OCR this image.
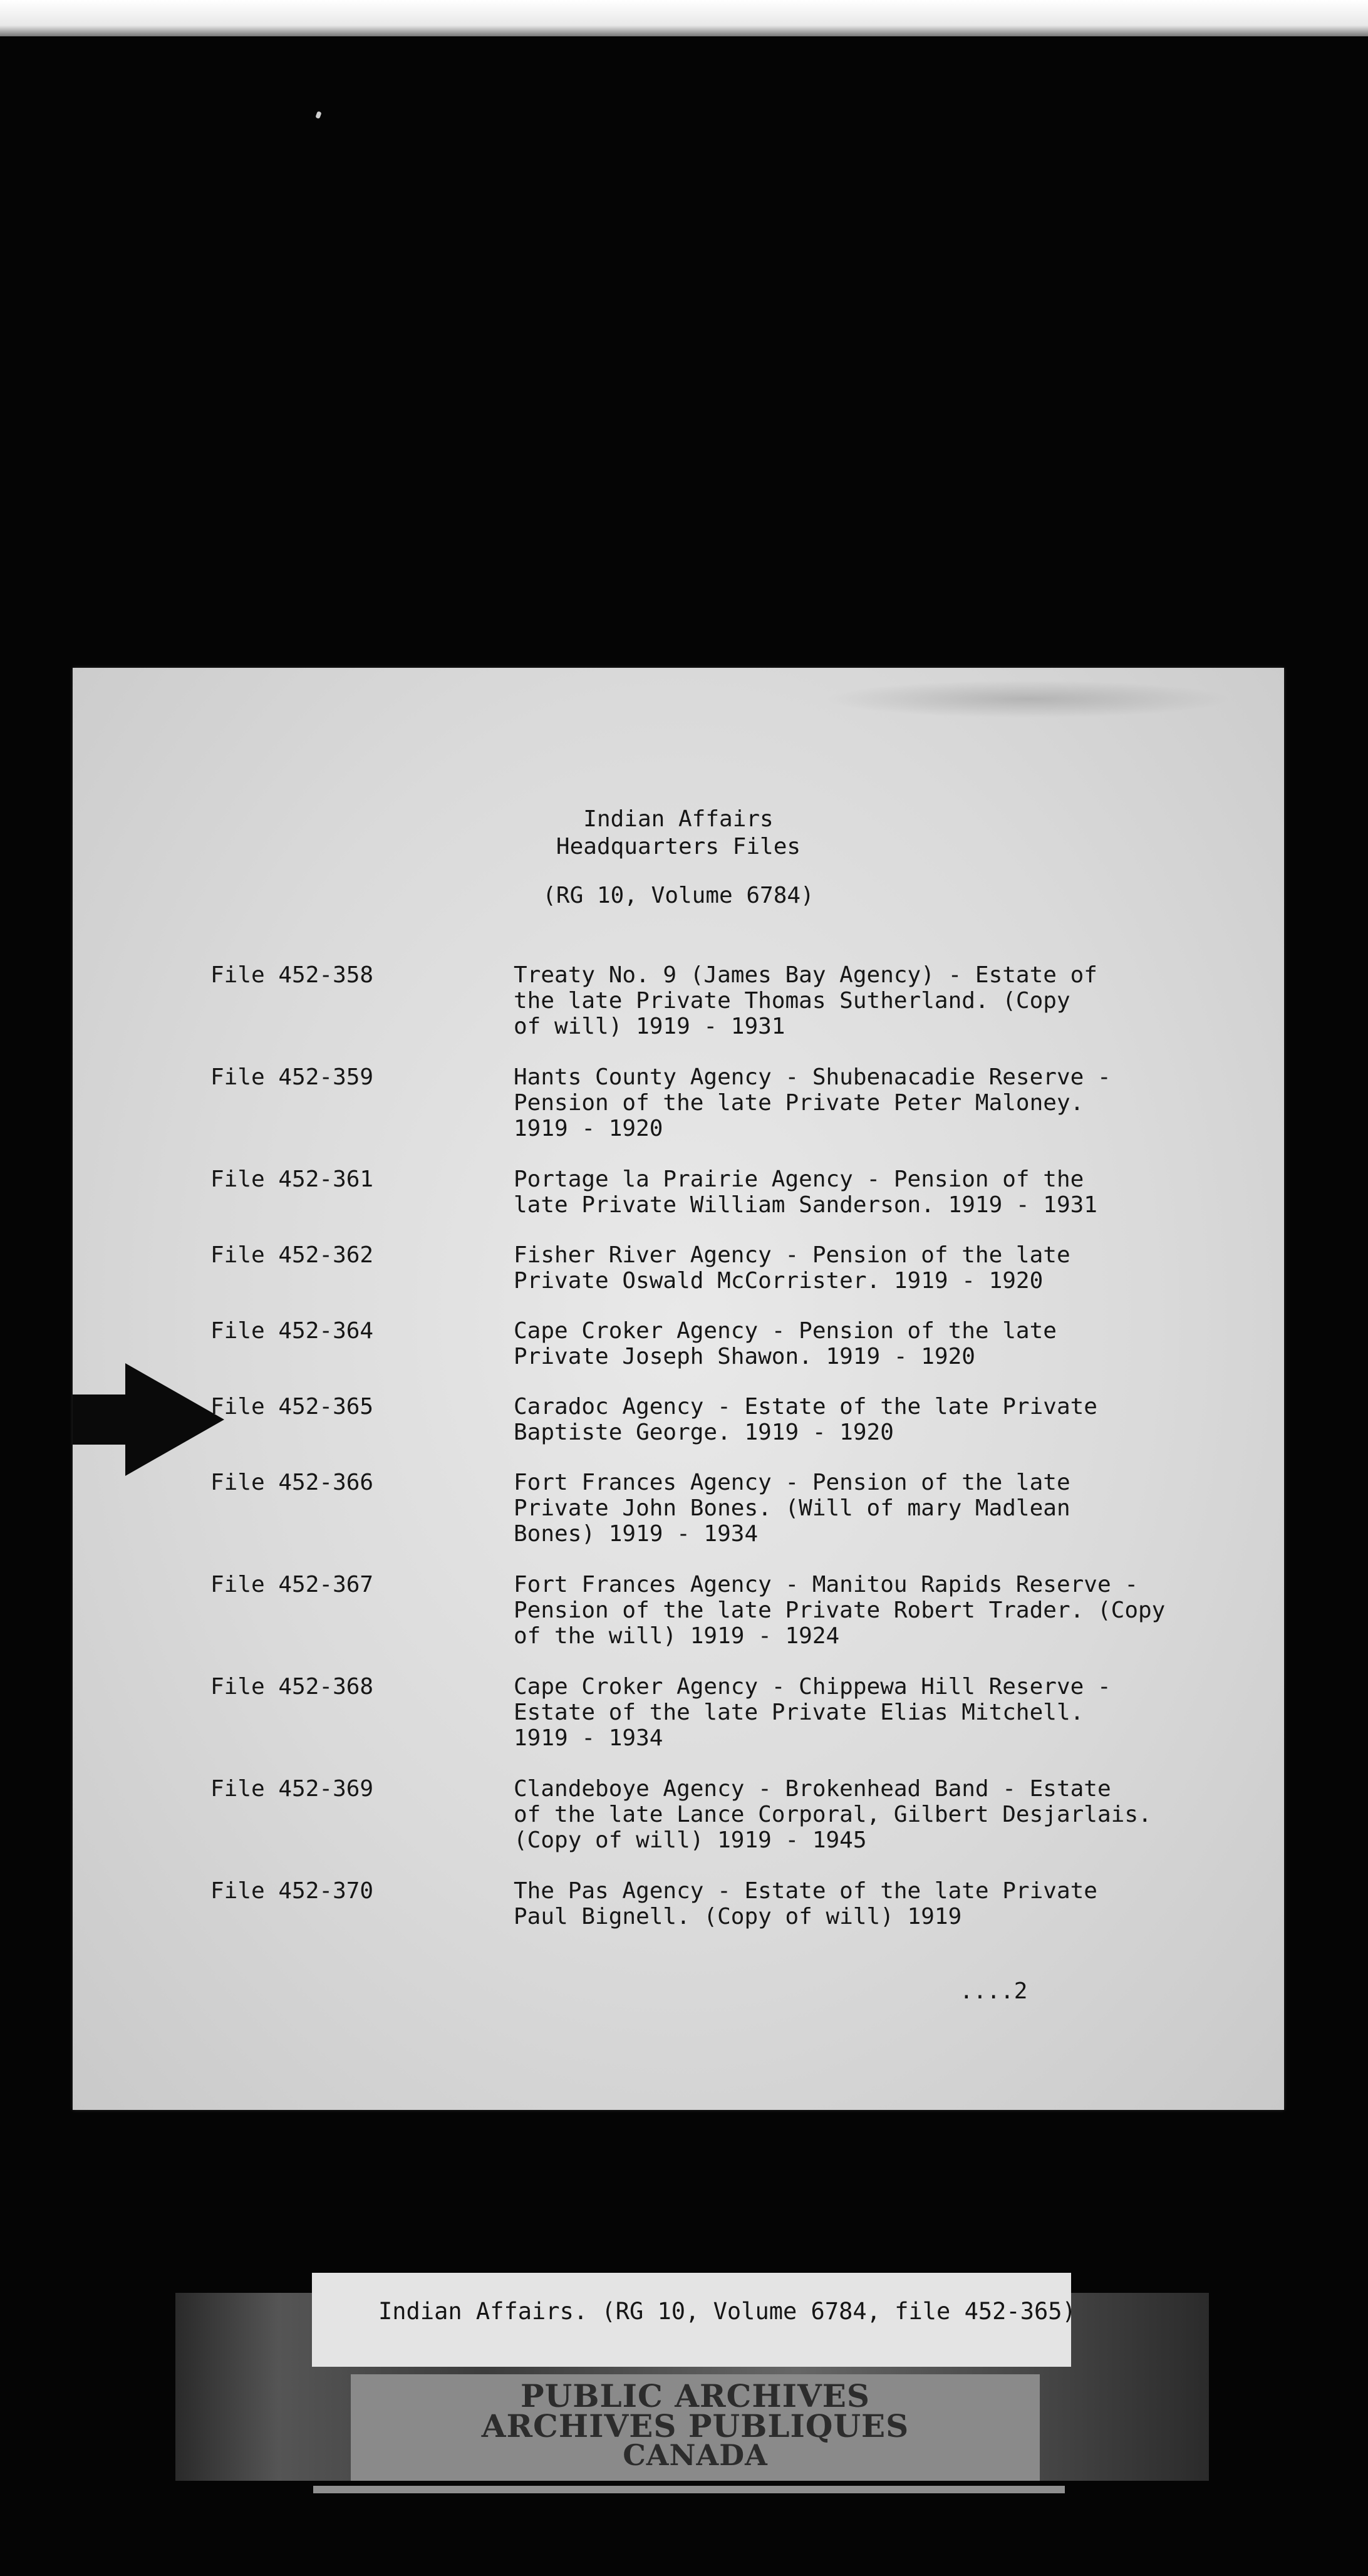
Indian Affairs
Headquarters Files
(RG 10, Volume 6784)
File 452-358	Treaty No. 9 (James Bay Agency) - Estate of
the late Private Thomas Sutherland. (Copy
of will) 1919 - 1931
File 452-359	Hants County Agency - Shubenacadie Reserve -
Pension of the late Private Peter Maloney.
1919 - 1920
File 452-361	Portage la Prairie Agency - Pension of the
late Private William Sanderson. 1919 - 1931
File 452-362	Fisher River Agency - Pension of the late
Private Oswald McCorrister. 1919 - 1920
File 452-364	Cape Croker Agency - Pension of the late
Private Joseph Shawon. 1919 - 1920
File 452-365	Caradoc Agency - Estate of the late Private
Baptiste George. 1919 - 1920
File 452-366	Fort Frances Agency - Pension of the late
Private John Bones. (Will of mary Madlean
Bones) 1919 - 1934
File 452-367	Fort Frances Agency - Manitou Rapids Reserve -
Pension of the late Private Robert Trader. (Copy
of the will) 1919 - 1924
File 452-368	Cape Croker Agency - Chippewa Hill Reserve -
Estate of the late Private Elias Mitchell.
1919 - 1934
File 452-369	Clandeboye Agency - Brokenhead Band - Estate
of the late Lance Corporal, Gilbert Desjarlais.
(Copy of will) 1919 - 1945
File 452-370	The Pas Agency - Estate of the late Private
Paul Bignell. (Copy of will) 1919
....2
Indian Affairs. (RG 10, Volume 6784, file 452-365)
PUBLIC ARCHIVES
ARCHIVES PUBLIQUES
CANADA
